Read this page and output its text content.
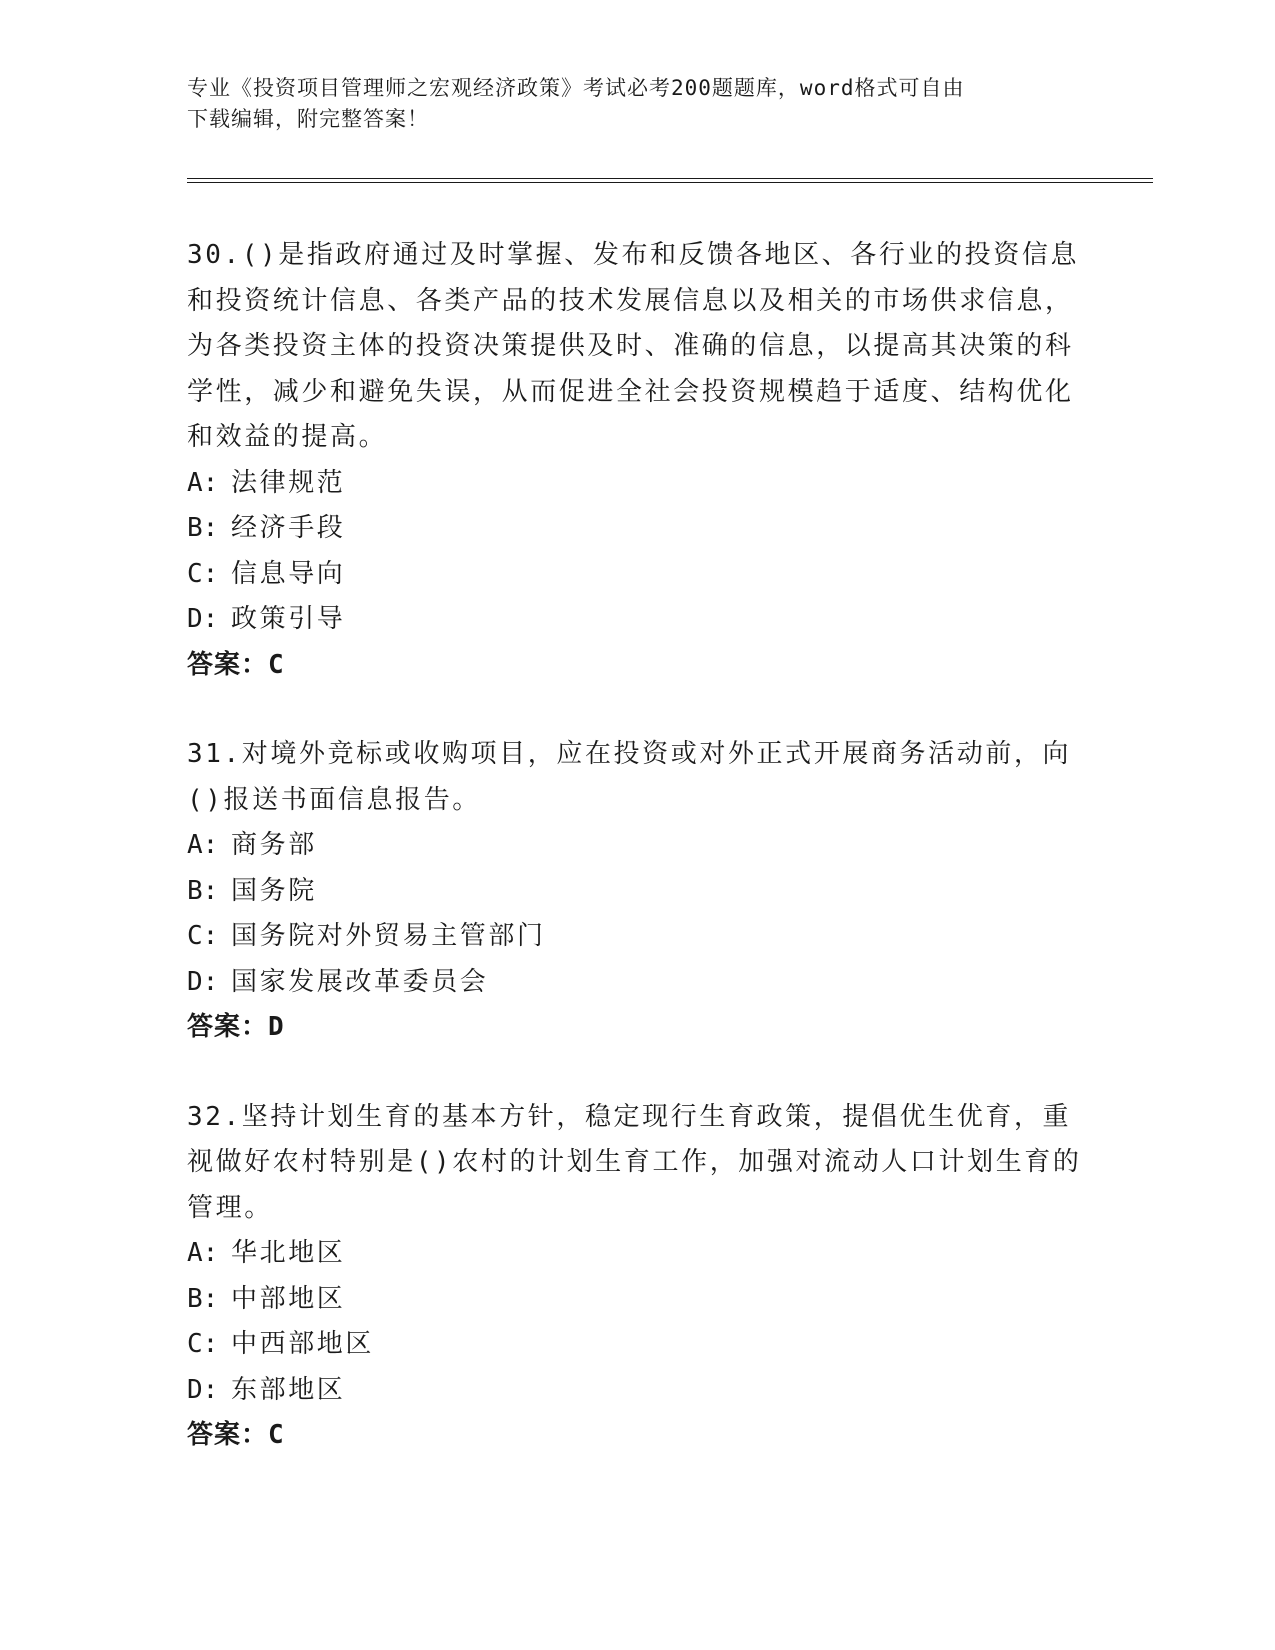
专业《投资项目管理师之宏观经济政策》考试必考200题题库，word格式可自由
下载编辑，附完整答案！

30.()是指政府通过及时掌握、发布和反馈各地区、各行业的投资信息和投资统计信息、各类产品的技术发展信息以及相关的市场供求信息，为各类投资主体的投资决策提供及时、准确的信息，以提高其决策的科学性，减少和避免失误，从而促进全社会投资规模趋于适度、结构优化和效益的提高。

A: 法律规范
B: 经济手段
C: 信息导向
D: 政策引导
答案：C

31.对境外竞标或收购项目，应在投资或对外正式开展商务活动前，向()报送书面信息报告。

A: 商务部
B: 国务院
C: 国务院对外贸易主管部门
D: 国家发展改革委员会
答案：D

32.坚持计划生育的基本方针，稳定现行生育政策，提倡优生优育，重视做好农村特别是()农村的计划生育工作，加强对流动人口计划生育的管理。

A: 华北地区
B: 中部地区
C: 中西部地区
D: 东部地区
答案：C
